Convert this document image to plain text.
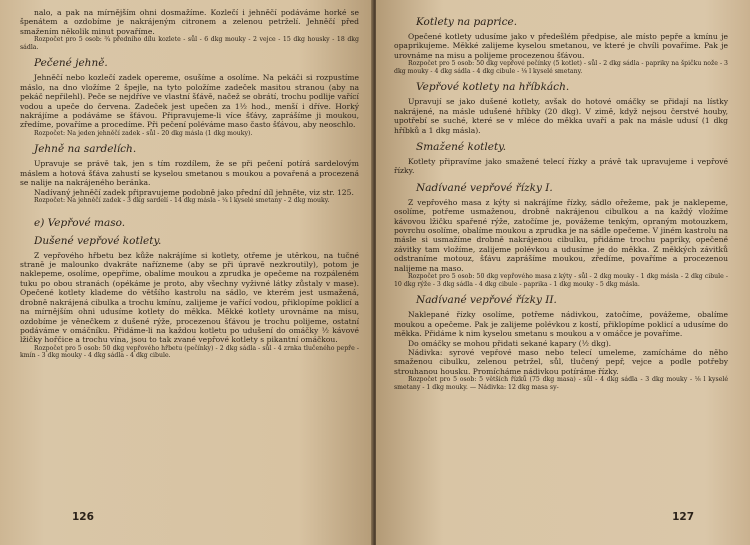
nalo, a pak na mírnějším ohni dosmažíme. Kozlečí i jehněčí podáváme horké se špenátem a ozdobíme je nakrájeným citronem a zelenou petrželí. Jehněčí před smažením několik minut povaříme.

Rozpočet pro 5 osob: ¾ předního dílu kozlete - sůl - 6 dkg mouky - 2 vejce - 15 dkg housky - 18 dkg sádla.

Pečené jehně.

Jehněčí nebo kozlečí zadek opereme, osušíme a osolíme. Na pekáči si rozpustíme máslo, na dno vložíme 2 špejle, na tyto položíme zadeček masitou stranou (aby na pekáč nepřilehl). Peče se nejdříve ve vlastní šťávě, načež se obrátí, trochu podlije vařící vodou a upeče do červena. Zadeček jest upečen za 1½ hod., menší i dříve. Horký nakrájíme a podáváme se šťávou. Připravujeme-li více šťávy, zaprášíme ji moukou, zředíme, povaříme a procedíme. Při pečení poléváme maso často šťávou, aby neoschlo.

Rozpočet: Na jeden jehněčí zadek - sůl - 20 dkg másla (1 dkg mouky).

Jehně na sardelích.

Upravuje se právě tak, jen s tím rozdílem, že se při pečení potírá sardelovým máslem a hotová šťáva zahustí se kyselou smetanou s moukou a povařená a procezená se nalije na nakrájeného beránka.

Nadívaný jehněčí zadek připravujeme podobně jako přední díl jehněte, viz str. 125.

Rozpočet: Na jehněčí zadek - 3 dkg sardelí - 14 dkg másla - ¼ l kyselé smetany - 2 dkg mouky.

e) Vepřové maso.
Dušené vepřové kotlety.

Z vepřového hřbetu bez kůže nakrájíme si kotlety, otřeme je utěrkou, na tučné straně je malounko dvakráte nařízneme (aby se při úpravě nezkroutily), potom je naklepeme, osolíme, opepříme, obalíme moukou a zprudka je opečeme na rozpáleném tuku po obou stranách (opékáme je proto, aby všechny vyživné látky zůstaly v mase). Opečené kotlety klademe do většího kastrolu na sádlo, ve kterém jest usmažená, drobně nakrájená cibulka a trochu kmínu, zalijeme je vařící vodou, přiklopíme poklicí a na mírnějším ohni udusíme kotlety do měkka. Měkké kotlety urovnáme na misu, ozdobíme je věnečkem z dušené rýže, procezenou šťávou je trochu polijeme, ostatní podáváme v omáčníku. Přidáme-li na každou kotletu po udušení do omáčky ½ kávové lžičky hořčice a trochu vína, jsou to tak zvané vepřové kotlety s pikantní omáčkou.

Rozpočet pro 5 osob: 50 dkg vepřového hřbetu (pečínky) - 2 dkg sádla - sůl - 4 zrnka tlučeného pepře - kmín - 3 dkg mouky - 4 dkg sádla - 4 dkg cibule.

126
Kotlety na paprice.

Opečené kotlety udusíme jako v předešlém předpise, ale místo pepře a kmínu je opaprikujeme. Měkké zalijeme kyselou smetanou, ve které je chvíli povaříme. Pak je urovnáme na misu a polijeme procezenou šťávou.

Rozpočet pro 5 osob: 50 dkg vepřové pečínky (5 kotlet) - sůl - 2 dkg sádla - papriky na špičku nože - 3 dkg mouky - 4 dkg sádla - 4 dkg cibule - ⅛ l kyselé smetany.

Vepřové kotlety na hříbkách.

Upravují se jako dušené kotlety, avšak do hotové omáčky se přidají na lístky nakrájené, na másle udušené hříbky (20 dkg). V zimě, když nejsou čerstvé houby, upotřebí se suché, které se v mléce do měkka uvaří a pak na másle udusí (1 dkg hříbků a 1 dkg másla).

Smažené kotlety.

Kotlety připravíme jako smažené telecí řízky a právě tak upravujeme i vepřové řízky.

Nadívané vepřové řízky I.

Z vepřového masa z kýty si nakrájíme řízky, sádlo ořežeme, pak je naklepeme, osolíme, potřeme usmaženou, drobně nakrájenou cibulkou a na každý vložíme kávovou lžičku spařené rýže, zatočíme je, povážeme tenkým, opraným motouzkem, povrchu osolíme, obalíme moukou a zprudka je na sádle opečeme. V jiném kastrolu na másle si usmažíme drobně nakrájenou cibulku, přidáme trochu papriky, opečené závitky tam vložíme, zalijeme polévkou a udusíme je do měkka. Z měkkých závitků odstraníme motouz, šťávu zaprášíme moukou, zředíme, povaříme a procezenou nalijeme na maso.

Rozpočet pro 5 osob: 50 dkg vepřového masa z kýty - sůl - 2 dkg mouky - 1 dkg másla - 2 dkg cibule - 10 dkg rýže - 3 dkg sádla - 4 dkg cibule - paprika - 1 dkg mouky - 5 dkg másla.

Nadívané vepřové řízky II.

Naklepané řízky osolíme, potřeme nádivkou, zatočíme, povážeme, obalíme moukou a opečeme. Pak je zalijeme polévkou z kostí, přiklopíme poklicí a udusíme do měkka. Přidáme k nim kyselou smetanu s moukou a v omáčce je povaříme.

Do omáčky se mohou přidati sekané kapary (½ dkg).

Nádivka: syrové vepřové maso nebo telecí umeleme, zamícháme do něho smaženou cibulku, zelenou petržel, sůl, tlučený pepř, vejce a podle potřeby strouhanou housku. Promícháme nádivkou potíráme řízky.

Rozpočet pro 5 osob: 5 větších řízků (75 dkg masa) - sůl - 4 dkg sádla - 3 dkg mouky - ⅛ l kyselé smetany - 1 dkg mouky. — Nádivka: 12 dkg masa sy-

127
